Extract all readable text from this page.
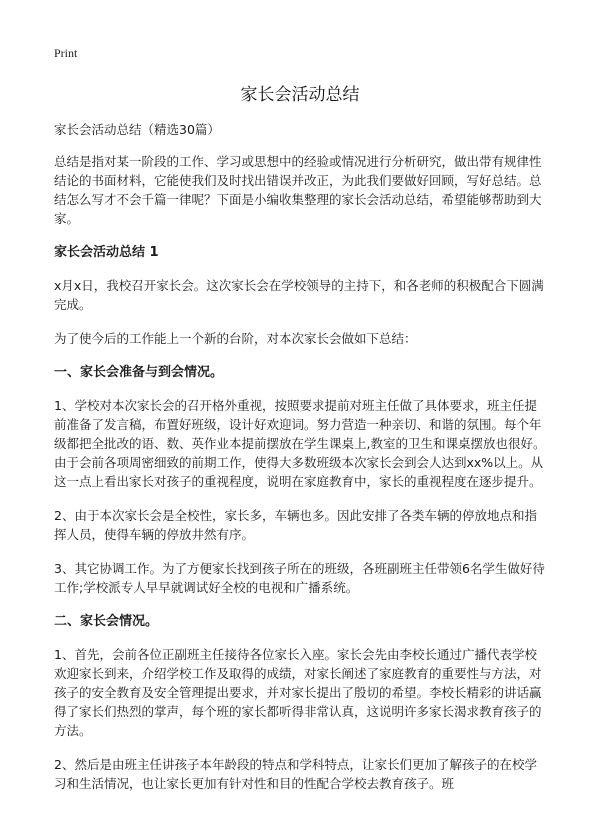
Print
家长会活动总结

家长会活动总结（精选30篇）

总结是指对某一阶段的工作、学习或思想中的经验或情况进行分析研究，做出带有规律性结论的书面材料，它能使我们及时找出错误并改正，为此我们要做好回顾，写好总结。总结怎么写才不会千篇一律呢？下面是小编收集整理的家长会活动总结，希望能够帮助到大家。

家长会活动总结 1

x月x日，我校召开家长会。这次家长会在学校领导的主持下，和各老师的积极配合下圆满完成。

为了使今后的工作能上一个新的台阶，对本次家长会做如下总结：

一、家长会准备与到会情况。

1、学校对本次家长会的召开格外重视，按照要求提前对班主任做了具体要求，班主任提前准备了发言稿，布置好班级，设计好欢迎词。努力营造一种亲切、和谐的氛围。每个年级都把全批改的语、数、英作业本提前摆放在学生课桌上,教室的卫生和课桌摆放也很好。由于会前各项周密细致的前期工作，使得大多数班级本次家长会到会人达到xx%以上。从这一点上看出家长对孩子的重视程度，说明在家庭教育中，家长的重视程度在逐步提升。

2、由于本次家长会是全校性，家长多，车辆也多。因此安排了各类车辆的停放地点和指挥人员，使得车辆的停放井然有序。

3、其它协调工作。为了方便家长找到孩子所在的班级，各班副班主任带领6名学生做好待工作;学校派专人早早就调试好全校的电视和广播系统。

二、家长会情况。

1、首先，会前各位正副班主任接待各位家长入座。家长会先由李校长通过广播代表学校欢迎家长到来，介绍学校工作及取得的成绩，对家长阐述了家庭教育的重要性与方法，对孩子的安全教育及安全管理提出要求，并对家长提出了殷切的希望。李校长精彩的讲话赢得了家长们热烈的掌声，每个班的家长都听得非常认真，这说明许多家长渴求教育孩子的方法。

2、然后是由班主任讲孩子本年龄段的特点和学科特点，让家长们更加了解孩子的在校学习和生活情况，也让家长更加有针对性和目的性配合学校去教育孩子。班
